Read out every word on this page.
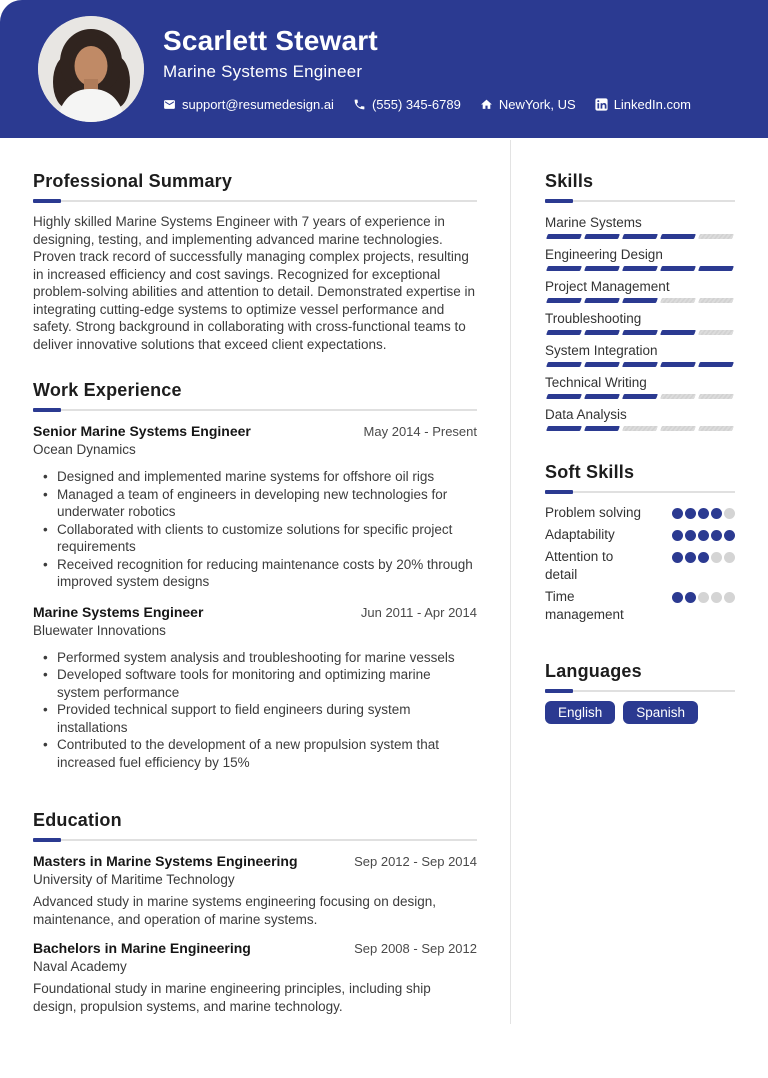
Scarlett Stewart
Marine Systems Engineer
support@resumedesign.ai	(555) 345-6789	NewYork, US	LinkedIn.com
Professional Summary

Highly skilled Marine Systems Engineer with 7 years of experience in designing, testing, and implementing advanced marine technologies. Proven track record of successfully managing complex projects, resulting in increased efficiency and cost savings. Recognized for exceptional problem-solving abilities and attention to detail. Demonstrated expertise in integrating cutting-edge systems to optimize vessel performance and safety. Strong background in collaborating with cross-functional teams to deliver innovative solutions that exceed client expectations.

Work Experience
Senior Marine Systems Engineer	May 2014 - Present
Ocean Dynamics
• Designed and implemented marine systems for offshore oil rigs
• Managed a team of engineers in developing new technologies for underwater robotics
• Collaborated with clients to customize solutions for specific project requirements
• Received recognition for reducing maintenance costs by 20% through improved system designs
Marine Systems Engineer	Jun 2011 - Apr 2014
Bluewater Innovations
• Performed system analysis and troubleshooting for marine vessels
• Developed software tools for monitoring and optimizing marine system performance
• Provided technical support to field engineers during system installations
• Contributed to the development of a new propulsion system that increased fuel efficiency by 15%
Education
Masters in Marine Systems Engineering	Sep 2012 - Sep 2014
University of Maritime Technology

Advanced study in marine systems engineering focusing on design, maintenance, and operation of marine systems.

Bachelors in Marine Engineering	Sep 2008 - Sep 2012
Naval Academy

Foundational study in marine engineering principles, including ship design, propulsion systems, and marine technology.

Skills
Marine Systems
Engineering Design
Project Management
Troubleshooting
System Integration
Technical Writing
Data Analysis
Soft Skills
Problem solving
Adaptability
Attention to detail
Time management
Languages
English	Spanish
